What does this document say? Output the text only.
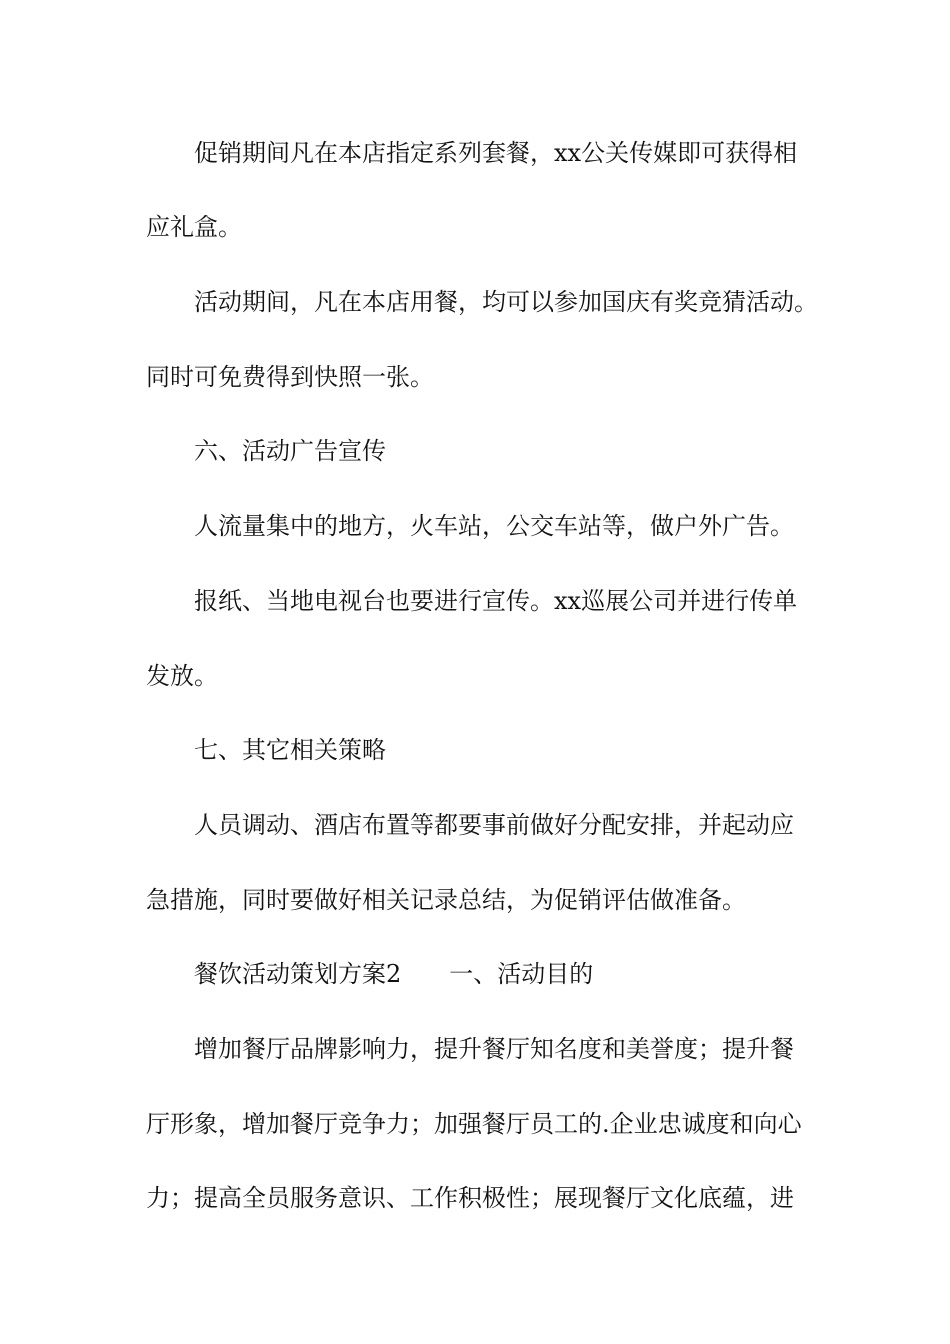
促销期间凡在本店指定系列套餐，xx公关传媒即可获得相
应礼盒。
活动期间，凡在本店用餐，均可以参加国庆有奖竞猜活动。
同时可免费得到快照一张。
六、活动广告宣传
人流量集中的地方，火车站，公交车站等，做户外广告。
报纸、当地电视台也要进行宣传。xx巡展公司并进行传单
发放。
七、其它相关策略
人员调动、酒店布置等都要事前做好分配安排，并起动应
急措施，同时要做好相关记录总结，为促销评估做准备。
餐饮活动策划方案2　　一、活动目的
增加餐厅品牌影响力，提升餐厅知名度和美誉度；提升餐
厅形象，增加餐厅竞争力；加强餐厅员工的.企业忠诚度和向心
力；提高全员服务意识、工作积极性；展现餐厅文化底蕴，进
